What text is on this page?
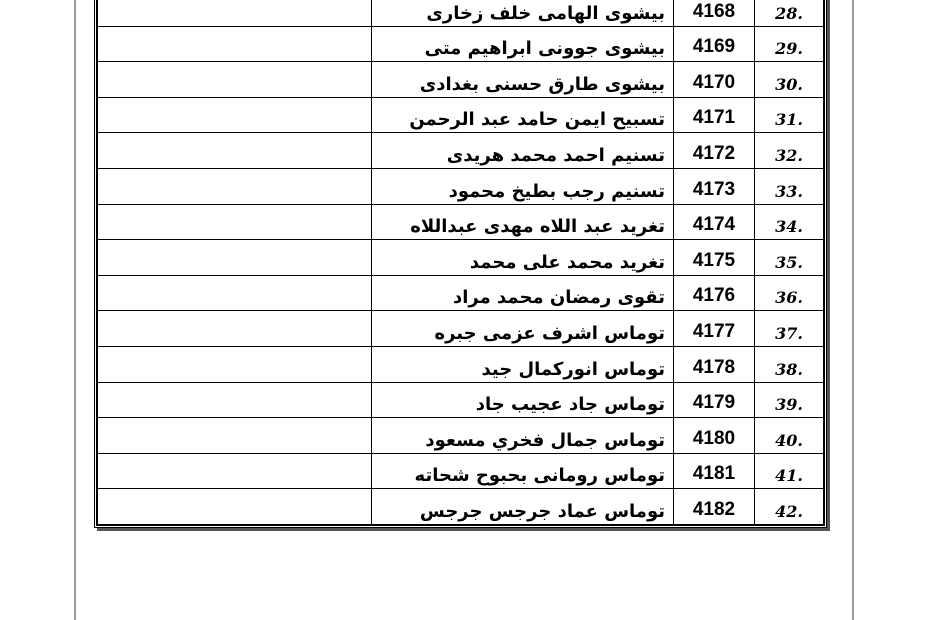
.28	4168	بيشوى الهامى خلف زخارى	
.29	4169	بيشوى جوونى ابراهيم متى	
.30	4170	بيشوى طارق حسنى بغدادى	
.31	4171	تسبيح ايمن حامد عبد الرحمن	
.32	4172	تسنيم احمد محمد هريدى	
.33	4173	تسنيم رجب بطيخ محمود	
.34	4174	تغريد عبد اللاه مهدى عبداللاه	
.35	4175	تغريد محمد على محمد	
.36	4176	تقوى رمضان محمد مراد	
.37	4177	توماس اشرف عزمى جبره	
.38	4178	توماس انوركمال جيد	
.39	4179	توماس جاد عجيب جاد	
.40	4180	توماس جمال فخري مسعود	
.41	4181	توماس رومانى بحبوح شحاته	
.42	4182	توماس عماد جرجس جرجس	
